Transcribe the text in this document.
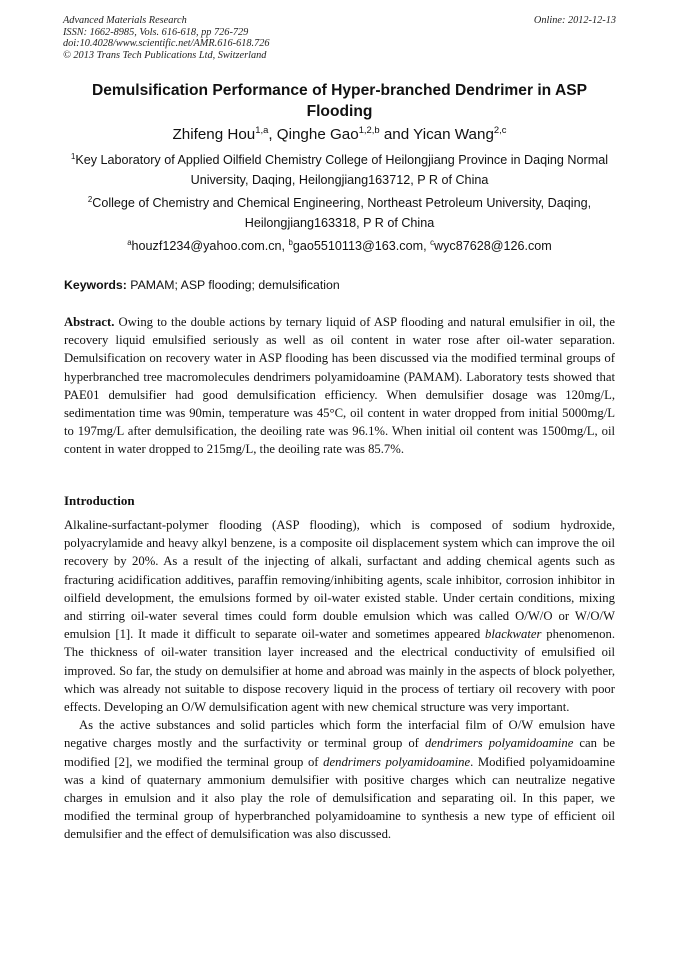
Advanced Materials Research
ISSN: 1662-8985, Vols. 616-618, pp 726-729
doi:10.4028/www.scientific.net/AMR.616-618.726
© 2013 Trans Tech Publications Ltd, Switzerland
Online: 2012-12-13
Demulsification Performance of Hyper-branched Dendrimer in ASP Flooding
Zhifeng Hou$^{1,a}$, Qinghe Gao$^{1,2,b}$ and Yican Wang$^{2,c}$
$^1$Key Laboratory of Applied Oilfield Chemistry College of Heilongjiang Province in Daqing Normal University, Daqing, Heilongjiang163712, P R of China
$^2$College of Chemistry and Chemical Engineering, Northeast Petroleum University, Daqing, Heilongjiang163318, P R of China
$^a$houzf1234@yahoo.com.cn, $^b$gao5510113@163.com, $^c$wyc87628@126.com
Keywords: PAMAM; ASP flooding; demulsification
Abstract. Owing to the double actions by ternary liquid of ASP flooding and natural emulsifier in oil, the recovery liquid emulsified seriously as well as oil content in water rose after oil-water separation. Demulsification on recovery water in ASP flooding has been discussed via the modified terminal groups of hyperbranched tree macromolecules dendrimers polyamidoamine (PAMAM). Laboratory tests showed that PAE01 demulsifier had good demulsification efficiency. When demulsifier dosage was 120mg/L, sedimentation time was 90min, temperature was 45°C, oil content in water dropped from initial 5000mg/L to 197mg/L after demulsification, the deoiling rate was 96.1%. When initial oil content was 1500mg/L, oil content in water dropped to 215mg/L, the deoiling rate was 85.7%.
Introduction

Alkaline-surfactant-polymer flooding (ASP flooding), which is composed of sodium hydroxide, polyacrylamide and heavy alkyl benzene, is a composite oil displacement system which can improve the oil recovery by 20%. As a result of the injecting of alkali, surfactant and adding chemical agents such as fracturing acidification additives, paraffin removing/inhibiting agents, scale inhibitor, corrosion inhibitor in oilfield development, the emulsions formed by oil-water existed stable. Under certain conditions, mixing and stirring oil-water several times could form double emulsion which was called O/W/O or W/O/W emulsion [1]. It made it difficult to separate oil-water and sometimes appeared blackwater phenomenon. The thickness of oil-water transition layer increased and the electrical conductivity of emulsified oil improved. So far, the study on demulsifier at home and abroad was mainly in the aspects of block polyether, which was already not suitable to dispose recovery liquid in the process of tertiary oil recovery with poor effects. Developing an O/W demulsification agent with new chemical structure was very important.

As the active substances and solid particles which form the interfacial film of O/W emulsion have negative charges mostly and the surfactivity or terminal group of dendrimers polyamidoamine can be modified [2], we modified the terminal group of dendrimers polyamidoamine. Modified polyamidoamine was a kind of quaternary ammonium demulsifier with positive charges which can neutralize negative charges in emulsion and it also play the role of demulsification and separating oil. In this paper, we modified the terminal group of hyperbranched polyamidoamine to synthesis a new type of efficient oil demulsifier and the effect of demulsification was also discussed.
